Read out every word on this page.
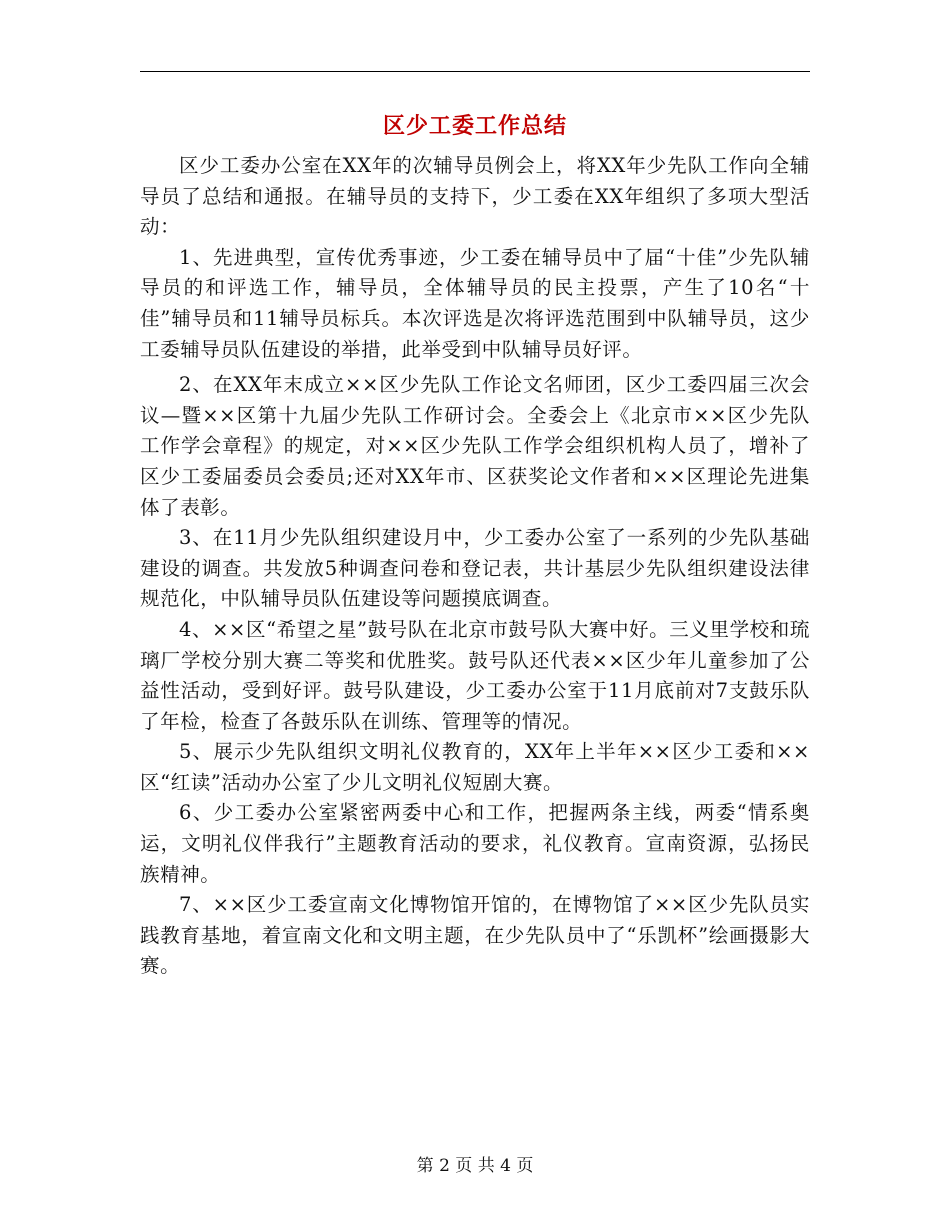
区少工委工作总结

区少工委办公室在XX年的次辅导员例会上，将XX年少先队工作向全辅导员了总结和通报。在辅导员的支持下，少工委在XX年组织了多项大型活动：

1、先进典型，宣传优秀事迹，少工委在辅导员中了届“十佳”少先队辅导员的和评选工作，辅导员，全体辅导员的民主投票，产生了10名“十佳”辅导员和11辅导员标兵。本次评选是次将评选范围到中队辅导员，这少工委辅导员队伍建设的举措，此举受到中队辅导员好评。

2、在XX年末成立××区少先队工作论文名师团，区少工委四届三次会议—暨××区第十九届少先队工作研讨会。全委会上《北京市××区少先队工作学会章程》的规定，对××区少先队工作学会组织机构人员了，增补了区少工委届委员会委员;还对XX年市、区获奖论文作者和××区理论先进集体了表彰。

3、在11月少先队组织建设月中，少工委办公室了一系列的少先队基础建设的调查。共发放5种调查问卷和登记表，共计基层少先队组织建设法律规范化，中队辅导员队伍建设等问题摸底调查。

4、××区“希望之星”鼓号队在北京市鼓号队大赛中好。三义里学校和琉璃厂学校分别大赛二等奖和优胜奖。鼓号队还代表××区少年儿童参加了公益性活动，受到好评。鼓号队建设，少工委办公室于11月底前对7支鼓乐队了年检，检查了各鼓乐队在训练、管理等的情况。

5、展示少先队组织文明礼仪教育的，XX年上半年××区少工委和××区“红读”活动办公室了少儿文明礼仪短剧大赛。

6、少工委办公室紧密两委中心和工作，把握两条主线，两委“情系奥运，文明礼仪伴我行”主题教育活动的要求，礼仪教育。宣南资源，弘扬民族精神。

7、××区少工委宣南文化博物馆开馆的，在博物馆了××区少先队员实践教育基地，着宣南文化和文明主题，在少先队员中了“乐凯杯”绘画摄影大赛。

第 2 页 共 4 页
